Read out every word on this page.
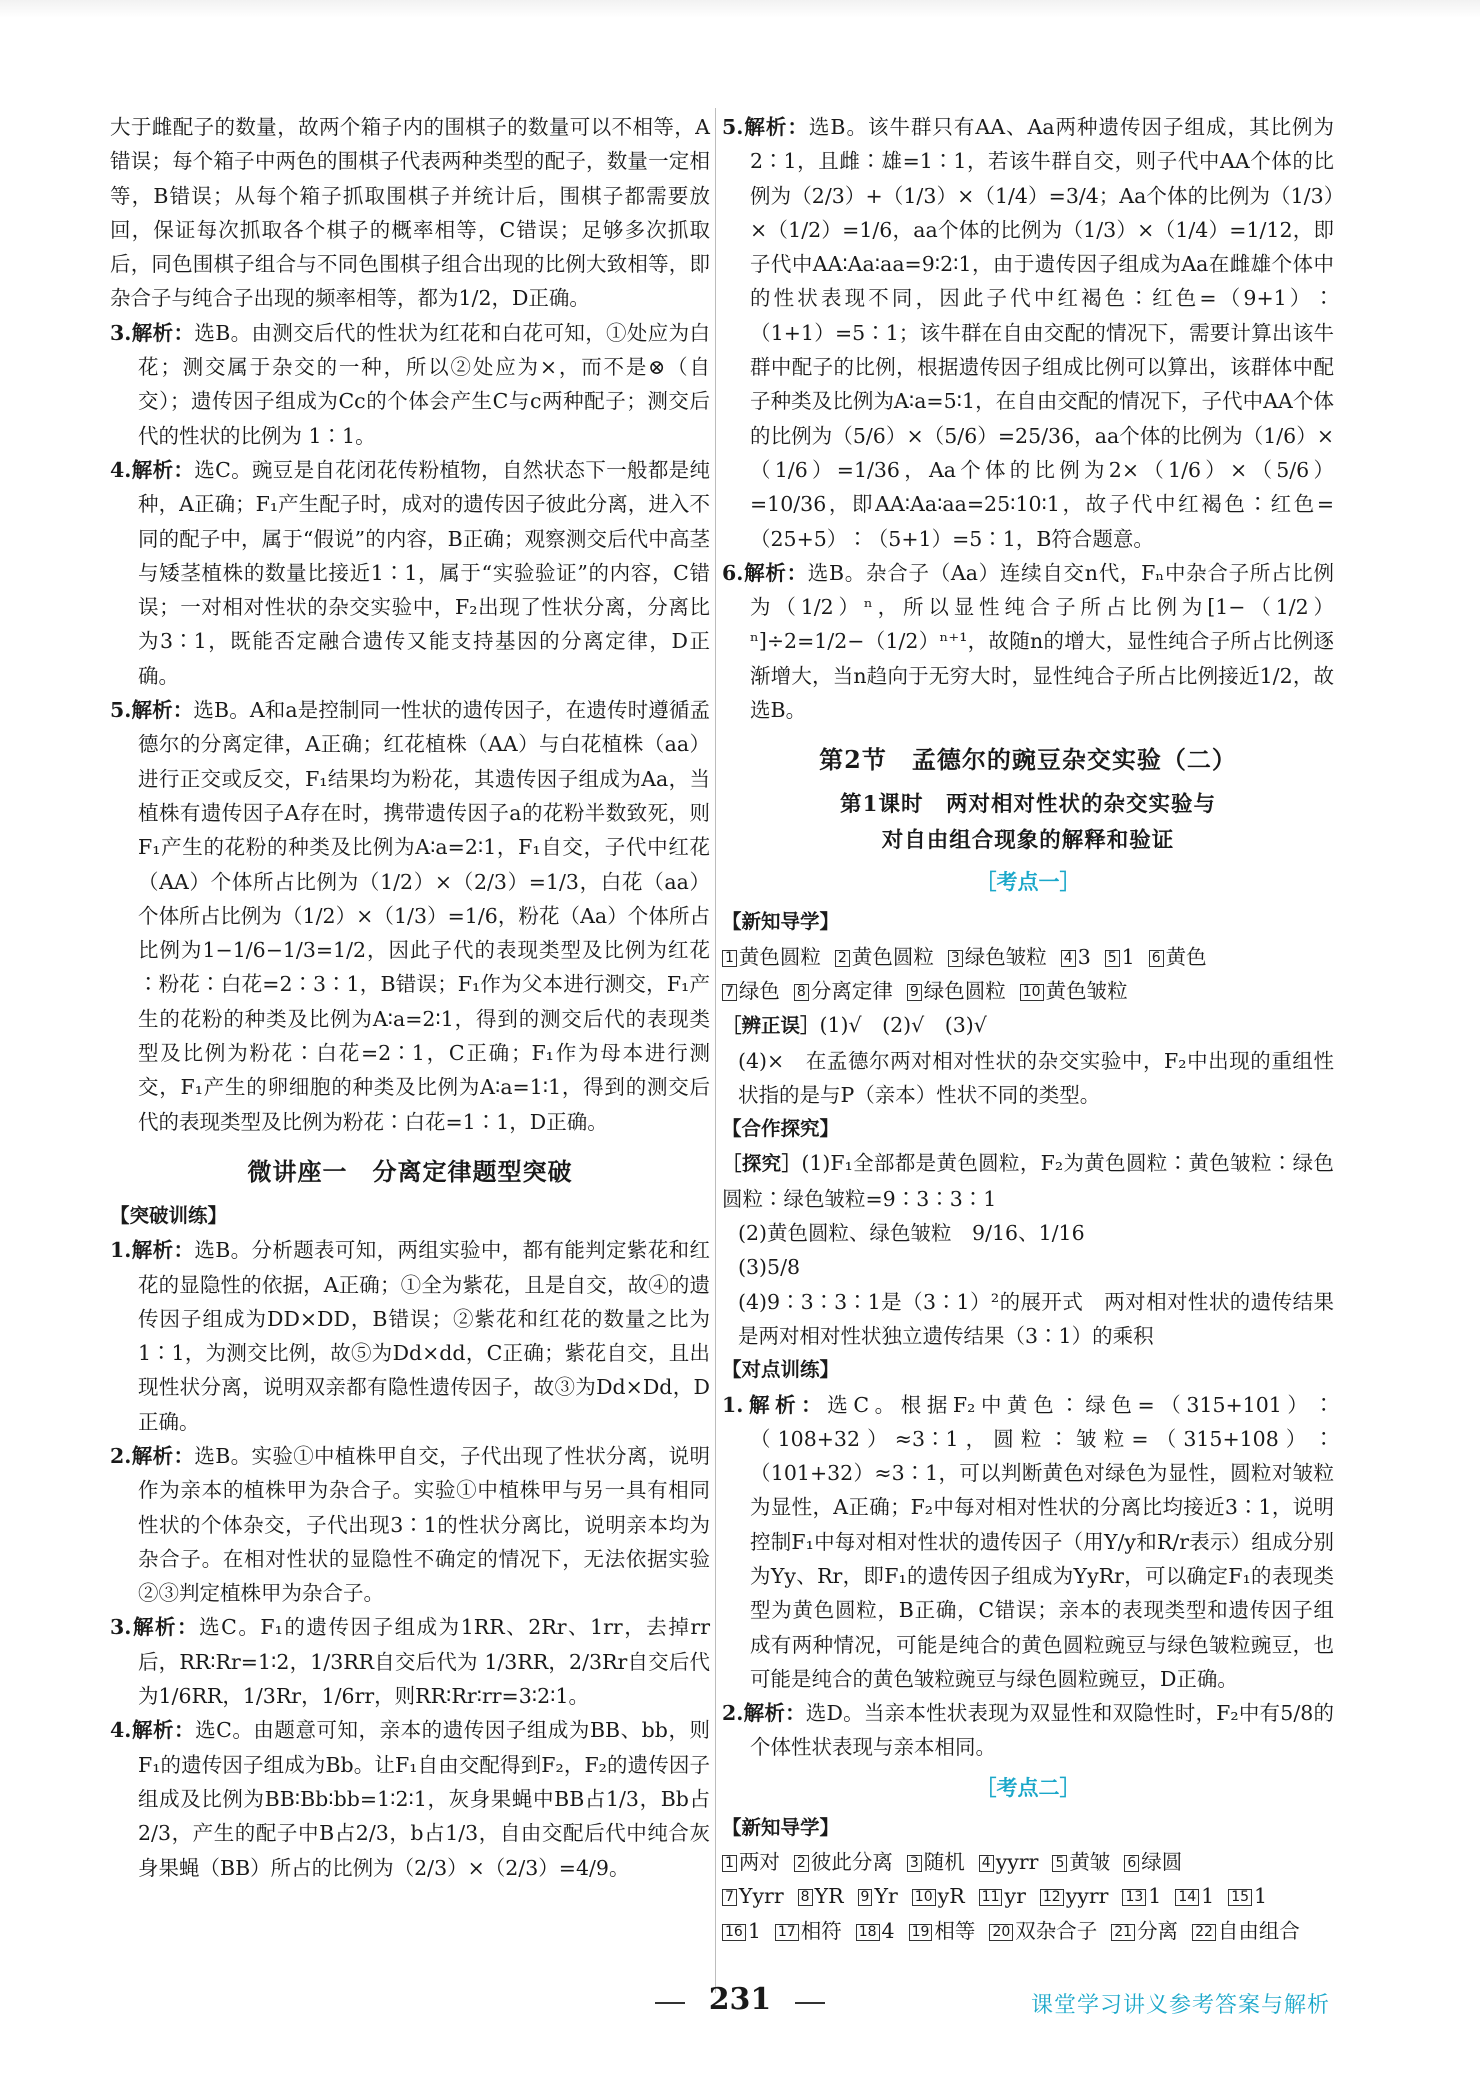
大于雌配子的数量，故两个箱子内的围棋子的数量可以不相等，A错误；每个箱子中两色的围棋子代表两种类型的配子，数量一定相等，B错误；从每个箱子抓取围棋子并统计后，围棋子都需要放回，保证每次抓取各个棋子的概率相等，C错误；足够多次抓取后，同色围棋子组合与不同色围棋子组合出现的比例大致相等，即杂合子与纯合子出现的频率相等，都为1/2，D正确。

3.解析：选B。由测交后代的性状为红花和白花可知，①处应为白花；测交属于杂交的一种，所以②处应为×，而不是⊗（自交）；遗传因子组成为Cc的个体会产生C与c两种配子；测交后代的性状的比例为 1∶1。

4.解析：选C。豌豆是自花闭花传粉植物，自然状态下一般都是纯种，A正确；F₁产生配子时，成对的遗传因子彼此分离，进入不同的配子中，属于“假说”的内容，B正确；观察测交后代中高茎与矮茎植株的数量比接近1∶1，属于“实验验证”的内容，C错误；一对相对性状的杂交实验中，F₂出现了性状分离，分离比为3∶1，既能否定融合遗传又能支持基因的分离定律，D正确。

5.解析：选B。A和a是控制同一性状的遗传因子，在遗传时遵循孟德尔的分离定律，A正确；红花植株（AA）与白花植株（aa）进行正交或反交，F₁结果均为粉花，其遗传因子组成为Aa，当植株有遗传因子A存在时，携带遗传因子a的花粉半数致死，则F₁产生的花粉的种类及比例为A∶a=2∶1，F₁自交，子代中红花（AA）个体所占比例为（1/2）×（2/3）=1/3，白花（aa）个体所占比例为（1/2）×（1/3）=1/6，粉花（Aa）个体所占比例为1−1/6−1/3=1/2，因此子代的表现类型及比例为红花∶粉花∶白花=2∶3∶1，B错误；F₁作为父本进行测交，F₁产生的花粉的种类及比例为A∶a=2∶1，得到的测交后代的表现类型及比例为粉花∶白花=2∶1，C正确；F₁作为母本进行测交，F₁产生的卵细胞的种类及比例为A∶a=1∶1，得到的测交后代的表现类型及比例为粉花∶白花=1∶1，D正确。

微讲座一　分离定律题型突破
【突破训练】

1.解析：选B。分析题表可知，两组实验中，都有能判定紫花和红花的显隐性的依据，A正确；①全为紫花，且是自交，故④的遗传因子组成为DD×DD，B错误；②紫花和红花的数量之比为1∶1，为测交比例，故⑤为Dd×dd，C正确；紫花自交，且出现性状分离，说明双亲都有隐性遗传因子，故③为Dd×Dd，D正确。

2.解析：选B。实验①中植株甲自交，子代出现了性状分离，说明作为亲本的植株甲为杂合子。实验①中植株甲与另一具有相同性状的个体杂交，子代出现3∶1的性状分离比，说明亲本均为杂合子。在相对性状的显隐性不确定的情况下，无法依据实验②③判定植株甲为杂合子。

3.解析：选C。F₁的遗传因子组成为1RR、2Rr、1rr，去掉rr后，RR∶Rr=1∶2，1/3RR自交后代为 1/3RR，2/3Rr自交后代为1/6RR，1/3Rr，1/6rr，则RR∶Rr∶rr=3∶2∶1。

4.解析：选C。由题意可知，亲本的遗传因子组成为BB、bb，则F₁的遗传因子组成为Bb。让F₁自由交配得到F₂，F₂的遗传因子组成及比例为BB∶Bb∶bb=1∶2∶1，灰身果蝇中BB占1/3，Bb占2/3，产生的配子中B占2/3，b占1/3，自由交配后代中纯合灰身果蝇（BB）所占的比例为（2/3）×（2/3）=4/9。

5.解析：选B。该牛群只有AA、Aa两种遗传因子组成，其比例为2∶1，且雌∶雄=1∶1，若该牛群自交，则子代中AA个体的比例为（2/3）+（1/3）×（1/4）=3/4；Aa个体的比例为（1/3）×（1/2）=1/6，aa个体的比例为（1/3）×（1/4）=1/12，即子代中AA∶Aa∶aa=9∶2∶1，由于遗传因子组成为Aa在雌雄个体中的性状表现不同，因此子代中红褐色∶红色=（9+1）∶（1+1）=5∶1；该牛群在自由交配的情况下，需要计算出该牛群中配子的比例，根据遗传因子组成比例可以算出，该群体中配子种类及比例为A∶a=5∶1，在自由交配的情况下，子代中AA个体的比例为（5/6）×（5/6）=25/36，aa个体的比例为（1/6）×（1/6）=1/36，Aa个体的比例为2×（1/6）×（5/6）=10/36，即AA∶Aa∶aa=25∶10∶1，故子代中红褐色∶红色=（25+5）∶（5+1）=5∶1，B符合题意。

6.解析：选B。杂合子（Aa）连续自交n代，Fₙ中杂合子所占比例为（1/2）ⁿ，所以显性纯合子所占比例为[1−（1/2）ⁿ]÷2=1/2−（1/2）ⁿ⁺¹，故随n的增大，显性纯合子所占比例逐渐增大，当n趋向于无穷大时，显性纯合子所占比例接近1/2，故选B。

第2节　孟德尔的豌豆杂交实验（二）
第1课时　两对相对性状的杂交实验与
对自由组合现象的解释和验证
［考点一］
【新知导学】

1 黄色圆粒 2 黄色圆粒 3 绿色皱粒 4 3 5 1 6 黄色

7 绿色 8 分离定律 9 绿色圆粒 10 黄色皱粒

［辨正误］(1)√　(2)√　(3)√

(4)×　在孟德尔两对相对性状的杂交实验中，F₂中出现的重组性状指的是与P（亲本）性状不同的类型。

【合作探究】

［探究］(1)F₁全部都是黄色圆粒，F₂为黄色圆粒∶黄色皱粒∶绿色圆粒∶绿色皱粒=9∶3∶3∶1

(2)黄色圆粒、绿色皱粒　9/16、1/16

(3)5/8

(4)9∶3∶3∶1是（3∶1）²的展开式　两对相对性状的遗传结果是两对相对性状独立遗传结果（3∶1）的乘积

【对点训练】

1.解析：选C。根据F₂中黄色∶绿色=（315+101）∶（108+32）≈3∶1，圆粒∶皱粒=（315+108）∶（101+32）≈3∶1，可以判断黄色对绿色为显性，圆粒对皱粒为显性，A正确；F₂中每对相对性状的分离比均接近3∶1，说明控制F₁中每对相对性状的遗传因子（用Y/y和R/r表示）组成分别为Yy、Rr，即F₁的遗传因子组成为YyRr，可以确定F₁的表现类型为黄色圆粒，B正确，C错误；亲本的表现类型和遗传因子组成有两种情况，可能是纯合的黄色圆粒豌豆与绿色皱粒豌豆，也可能是纯合的黄色皱粒豌豆与绿色圆粒豌豆，D正确。

2.解析：选D。当亲本性状表现为双显性和双隐性时，F₂中有5/8的个体性状表现与亲本相同。

［考点二］
【新知导学】

1 两对 2 彼此分离 3 随机 4 yyrr 5 黄皱 6 绿圆

7 Yyrr 8 YR 9 Yr 10 yR 11 yr 12 yyrr 13 1 14 1 15 1

16 1 17 相符 18 4 19 相等 20 双杂合子 21 分离 22 自由组合

231	课堂学习讲义参考答案与解析
